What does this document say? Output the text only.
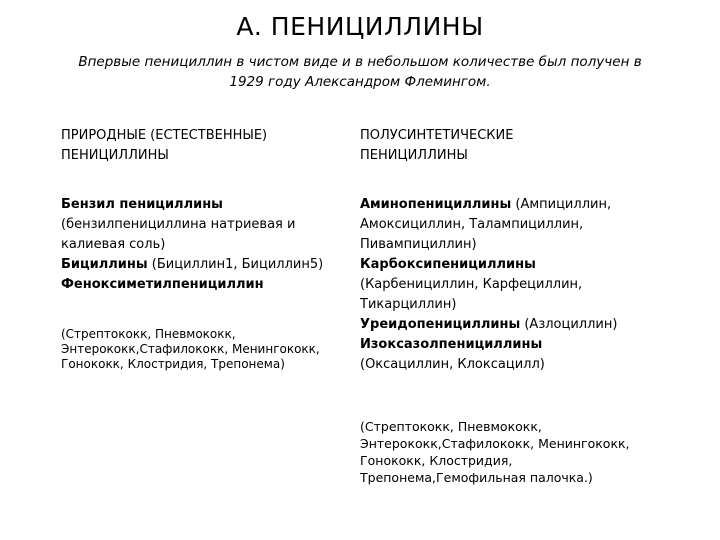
А. ПЕНИЦИЛЛИНЫ

Впервые пенициллин в чистом виде и в небольшом количестве был получен в

1929 году Александром Флемингом.

ПРИРОДНЫЕ (ЕСТЕСТВЕННЫЕ)

ПЕНИЦИЛЛИНЫ

Бензил пенициллины

(бензилпенициллина натриевая и

калиевая соль)

Бициллины (Бициллин1, Бициллин5)

Феноксиметилпенициллин

(Стрептококк, Пневмококк,

Энтерококк,Стафилококк, Менингококк,

Гонококк, Клостридия, Трепонема)

ПОЛУСИНТЕТИЧЕСКИЕ

ПЕНИЦИЛЛИНЫ

Аминопенициллины (Ампициллин,

Амоксициллин, Талампициллин,

Пивампициллин)

Карбоксипенициллины

(Карбенициллин, Карфециллин,

Тикарциллин)

Уреидопенициллины (Азлоциллин)

Изоксазолпенициллины

(Оксациллин, Клоксацилл)

(Стрептококк, Пневмококк,

Энтерококк,Стафилококк, Менингококк,

Гонококк, Клостридия,

Трепонема,Гемофильная палочка.)
